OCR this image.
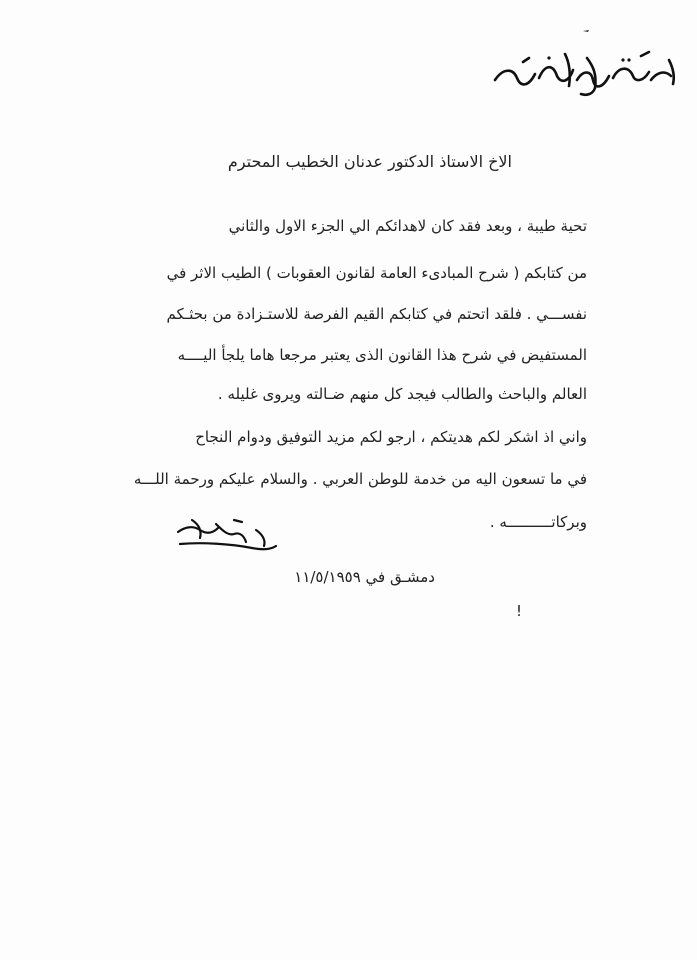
الاخ الاستاذ الدكتور عدنان الخطيب المحترم
تحية طيبة ، وبعد فقد كان لاهدائكم الي الجزء الاول والثاني
من كتابكم ( شرح المبادىء العامة لقانون العقوبات ) الطيب الاثر في
نفســـي . فلقد اتحتم في كتابكم القيم الفرصة للاستـزادة من بحثـكم
المستفيض في شرح هذا القانون الذى يعتبر مرجعا هاما يلجأ اليــــه
العالم والباحث والطالب فيجد كل منهم ضـالته ويروى غليله .
واني اذ اشكر لكم هديتكم ، ارجو لكم مزيد التوفيق ودوام النجاح
في ما تسعون اليه من خدمة للوطن العربي . والسلام عليكم ورحمة اللـــه
وبركاتــــــــــه .
دمشـق في ١١/٥/١٩٥٩
!
